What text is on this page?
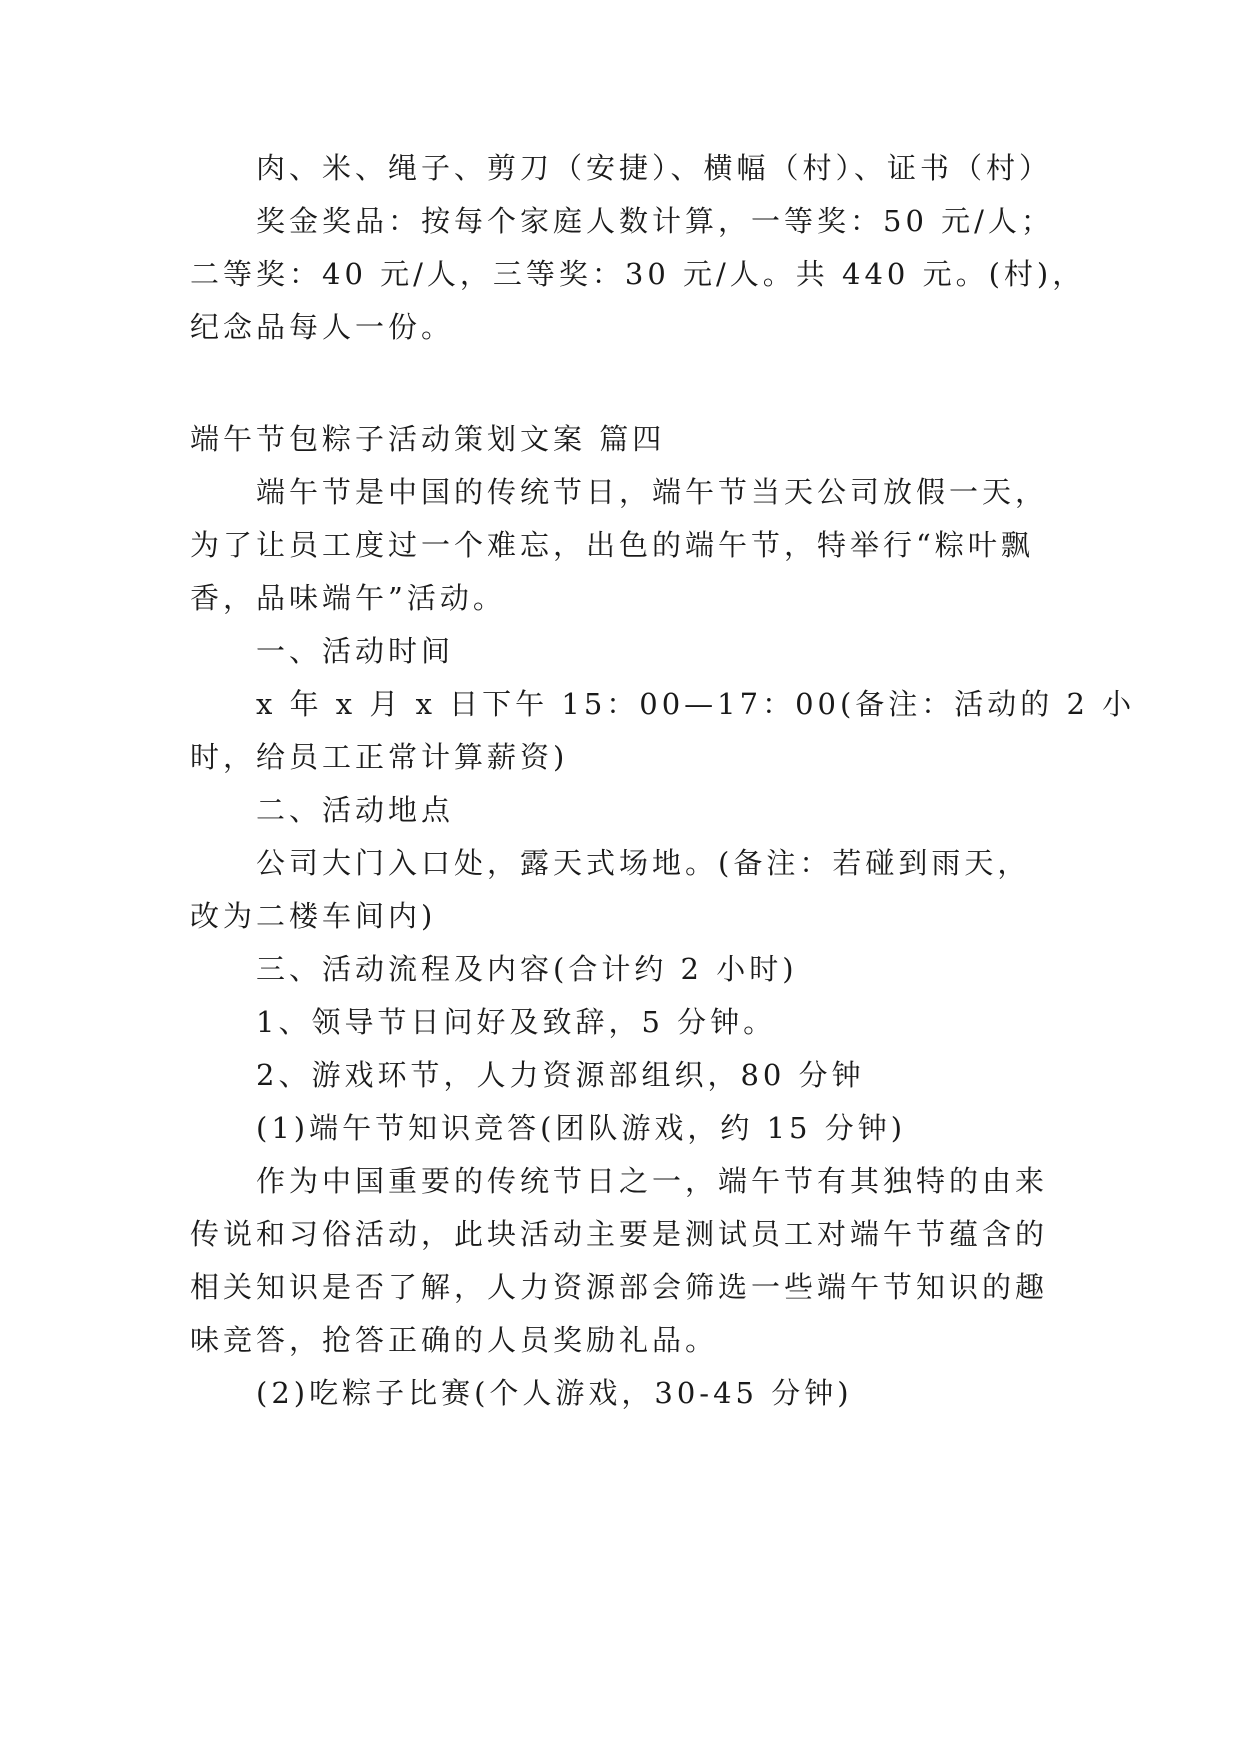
肉、米、绳子、剪刀（安捷）、横幅（村）、证书（村）
奖金奖品：按每个家庭人数计算，一等奖：50 元/人；
二等奖：40 元/人，三等奖：30 元/人。共 440 元。(村)，
纪念品每人一份。
端午节包粽子活动策划文案 篇四
端午节是中国的传统节日，端午节当天公司放假一天，
为了让员工度过一个难忘，出色的端午节，特举行“粽叶飘
香，品味端午”活动。
一、活动时间
x 年 x 月 x 日下午 15：00—17：00(备注：活动的 2 小
时，给员工正常计算薪资)
二、活动地点
公司大门入口处，露天式场地。(备注：若碰到雨天，
改为二楼车间内)
三、活动流程及内容(合计约 2 小时)
1、领导节日问好及致辞，5 分钟。
2、游戏环节，人力资源部组织，80 分钟
(1)端午节知识竞答(团队游戏，约 15 分钟)
作为中国重要的传统节日之一，端午节有其独特的由来
传说和习俗活动，此块活动主要是测试员工对端午节蕴含的
相关知识是否了解，人力资源部会筛选一些端午节知识的趣
味竞答，抢答正确的人员奖励礼品。
(2)吃粽子比赛(个人游戏，30-45 分钟)
